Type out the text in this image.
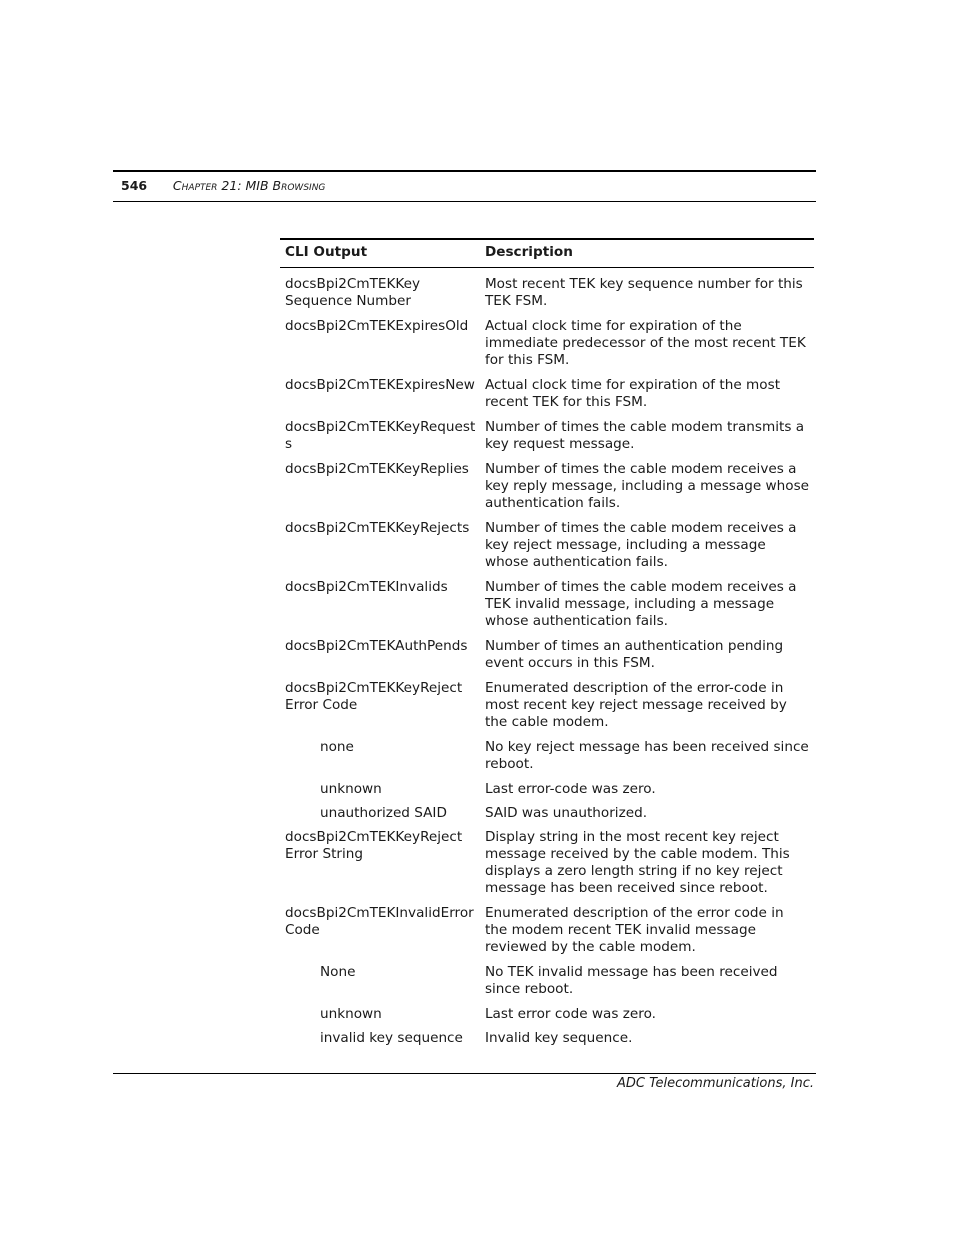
546 Chapter 21: MIB Browsing
CLI Output	Description
docsBpi2CmTEKKey Sequence Number	Most recent TEK key sequence number for this TEK FSM.
docsBpi2CmTEKExpiresOld	Actual clock time for expiration of the immediate predecessor of the most recent TEK for this FSM.
docsBpi2CmTEKExpiresNew	Actual clock time for expiration of the most recent TEK for this FSM.
docsBpi2CmTEKKeyRequests	Number of times the cable modem transmits a key request message.
docsBpi2CmTEKKeyReplies	Number of times the cable modem receives a key reply message, including a message whose authentication fails.
docsBpi2CmTEKKeyRejects	Number of times the cable modem receives a key reject message, including a message whose authentication fails.
docsBpi2CmTEKInvalids	Number of times the cable modem receives a TEK invalid message, including a message whose authentication fails.
docsBpi2CmTEKAuthPends	Number of times an authentication pending event occurs in this FSM.
docsBpi2CmTEKKeyReject Error Code	Enumerated description of the error-code in most recent key reject message received by the cable modem.
none	No key reject message has been received since reboot.
unknown	Last error-code was zero.
unauthorized SAID	SAID was unauthorized.
docsBpi2CmTEKKeyReject Error String	Display string in the most recent key reject message received by the cable modem. This displays a zero length string if no key reject message has been received since reboot.
docsBpi2CmTEKInvalidError Code	Enumerated description of the error code in the modem recent TEK invalid message reviewed by the cable modem.
None	No TEK invalid message has been received since reboot.
unknown	Last error code was zero.
invalid key sequence	Invalid key sequence.
ADC Telecommunications, Inc.
